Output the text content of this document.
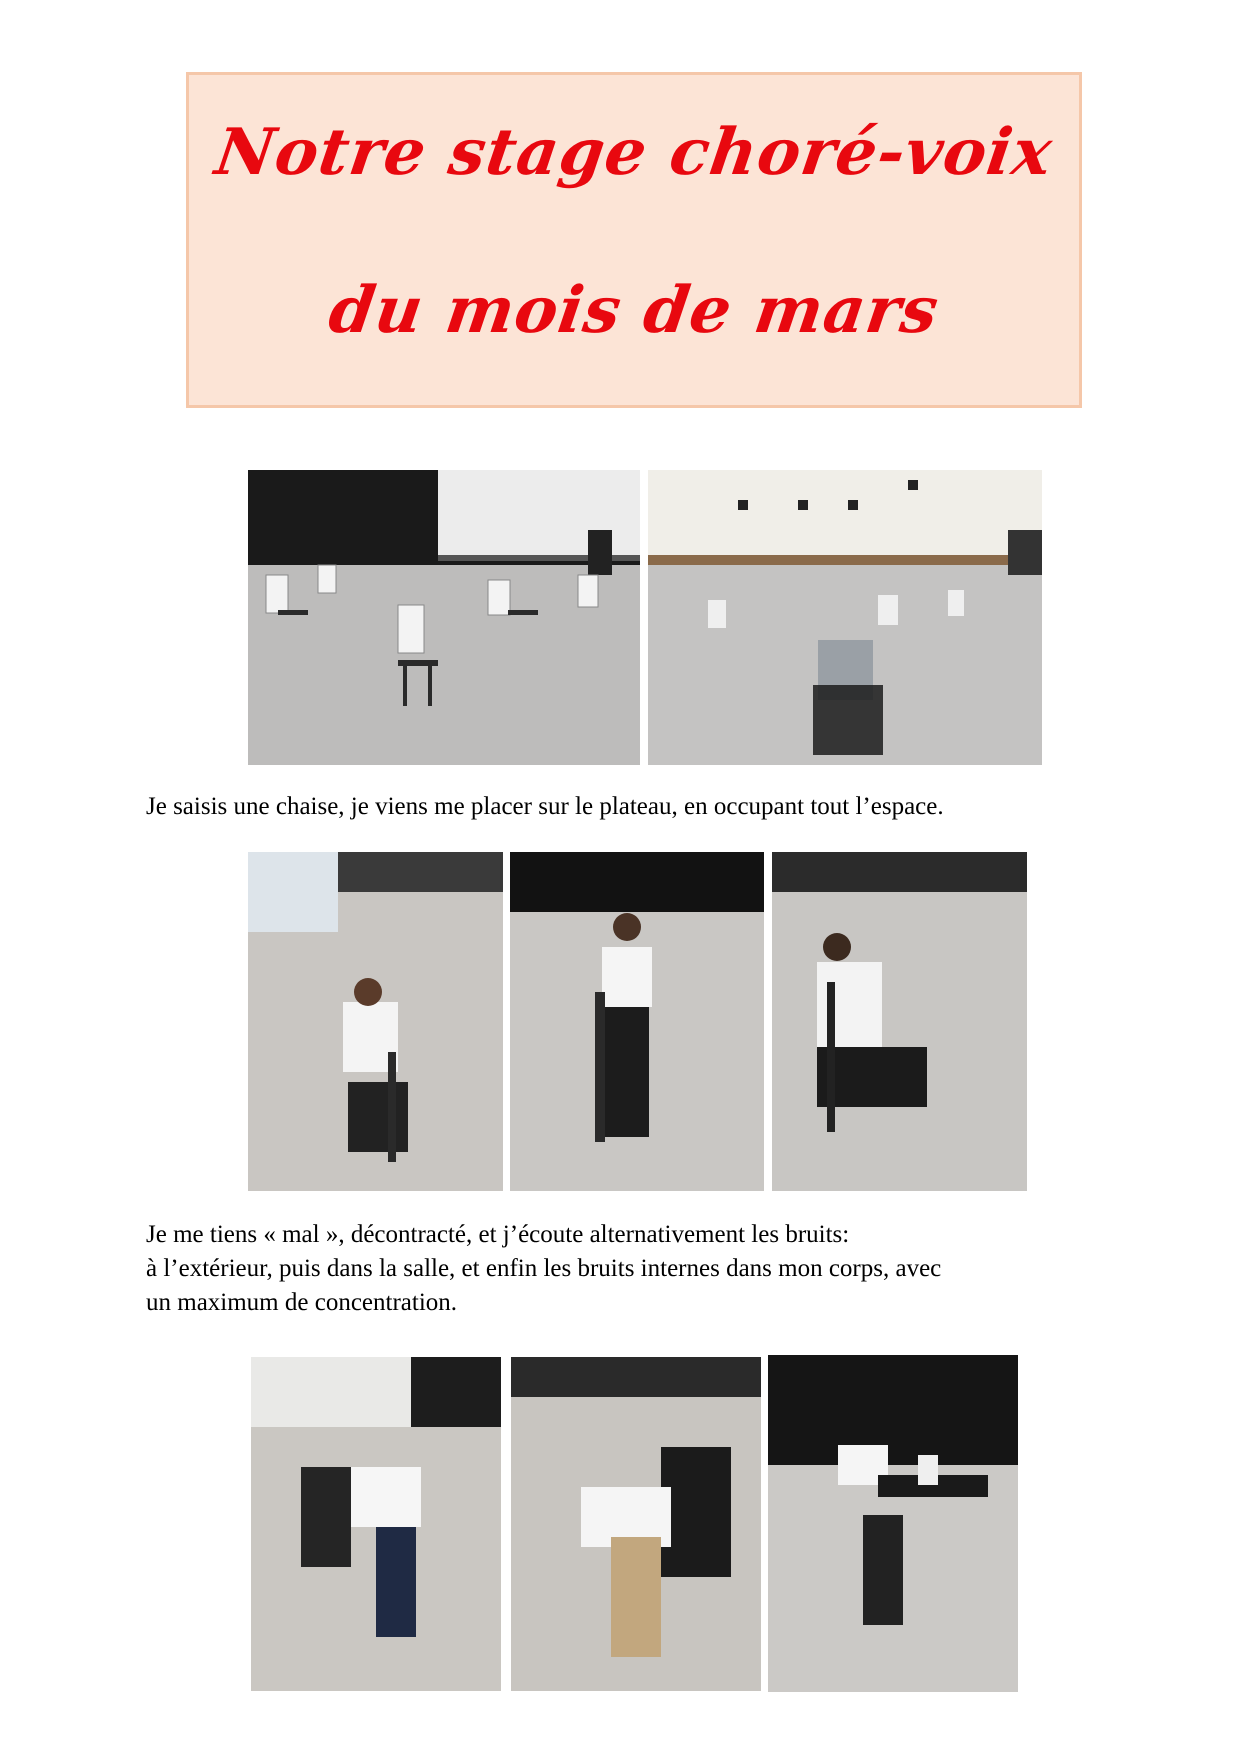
Notre stage choré-voix
du mois de mars

Je saisis une chaise, je viens me placer sur le plateau, en occupant tout l’espace.

Je me tiens « mal », décontracté, et j’écoute alternativement les bruits:

à l’extérieur, puis dans la salle, et enfin les bruits internes dans mon corps, avec

un maximum de concentration.
